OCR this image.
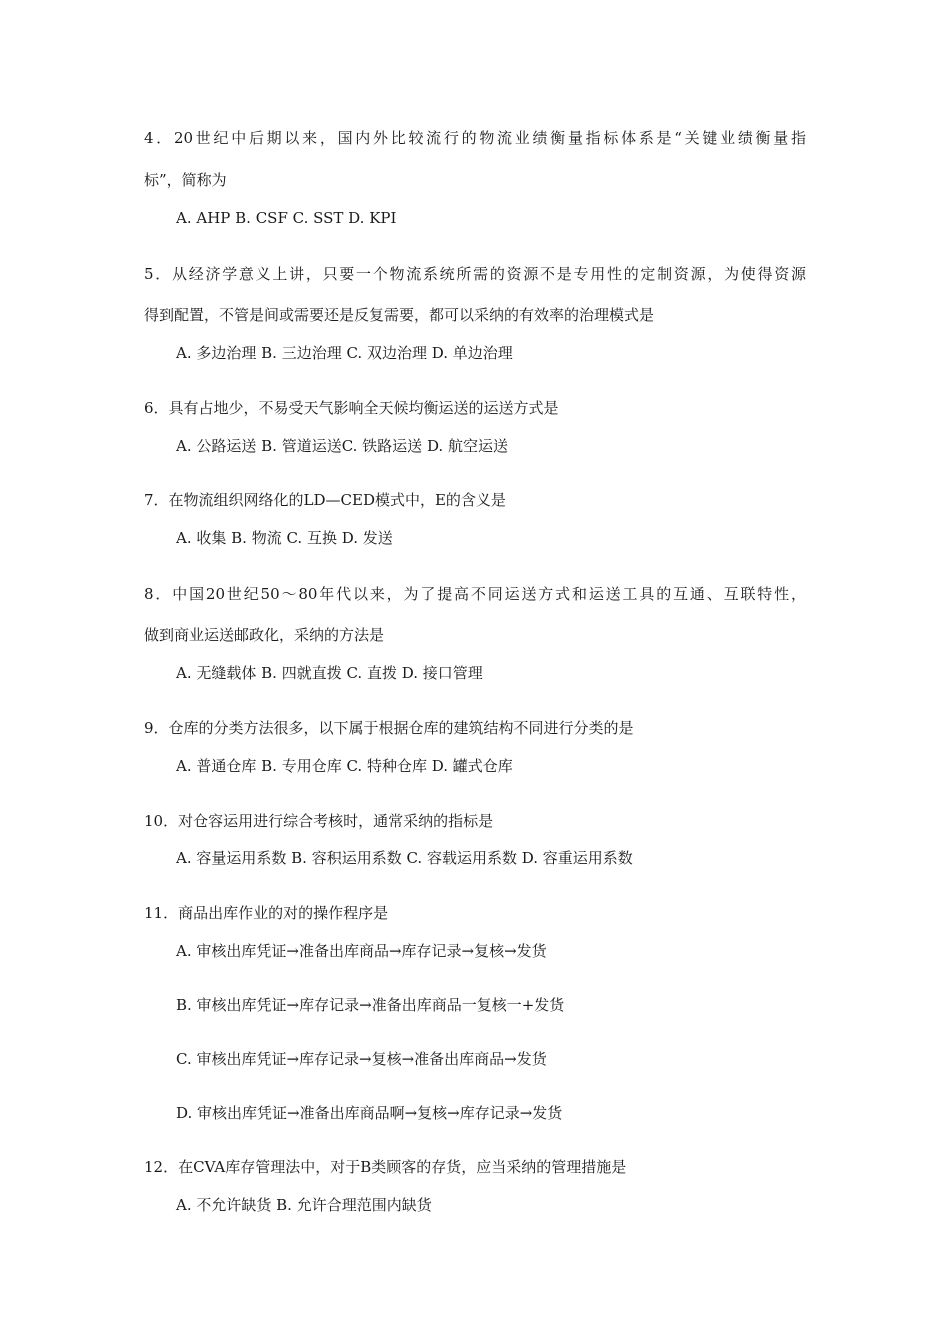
4．20世纪中后期以来，国内外比较流行的物流业绩衡量指标体系是“关键业绩衡量指
标”，简称为
A. AHP B. CSF C. SST D. KPI
5．从经济学意义上讲，只要一个物流系统所需的资源不是专用性的定制资源，为使得资源
得到配置，不管是间或需要还是反复需要，都可以采纳的有效率的治理模式是
A. 多边治理 B. 三边治理 C. 双边治理 D. 单边治理
6．具有占地少，不易受天气影响全天候均衡运送的运送方式是
A. 公路运送 B. 管道运送C. 铁路运送 D. 航空运送
7．在物流组织网络化的LD—CED模式中，E的含义是
A. 收集 B. 物流 C. 互换 D. 发送
8．中国20世纪50～80年代以来，为了提高不同运送方式和运送工具的互通、互联特性，
做到商业运送邮政化，采纳的方法是
A. 无缝载体 B. 四就直拨 C. 直拨 D. 接口管理
9．仓库的分类方法很多，以下属于根据仓库的建筑结构不同进行分类的是
A. 普通仓库 B. 专用仓库 C. 特种仓库 D. 罐式仓库
10．对仓容运用进行综合考核时，通常采纳的指标是
A. 容量运用系数 B. 容积运用系数 C. 容载运用系数 D. 容重运用系数
11．商品出库作业的对的操作程序是
A. 审核出库凭证→准备出库商品→库存记录→复核→发货
B. 审核出库凭证→库存记录→准备出库商品一复核一+发货
C. 审核出库凭证→库存记录→复核→准备出库商品→发货
D. 审核出库凭证→准备出库商品啊→复核→库存记录→发货
12．在CVA库存管理法中，对于B类顾客的存货，应当采纳的管理措施是
A. 不允许缺货 B. 允许合理范围内缺货
